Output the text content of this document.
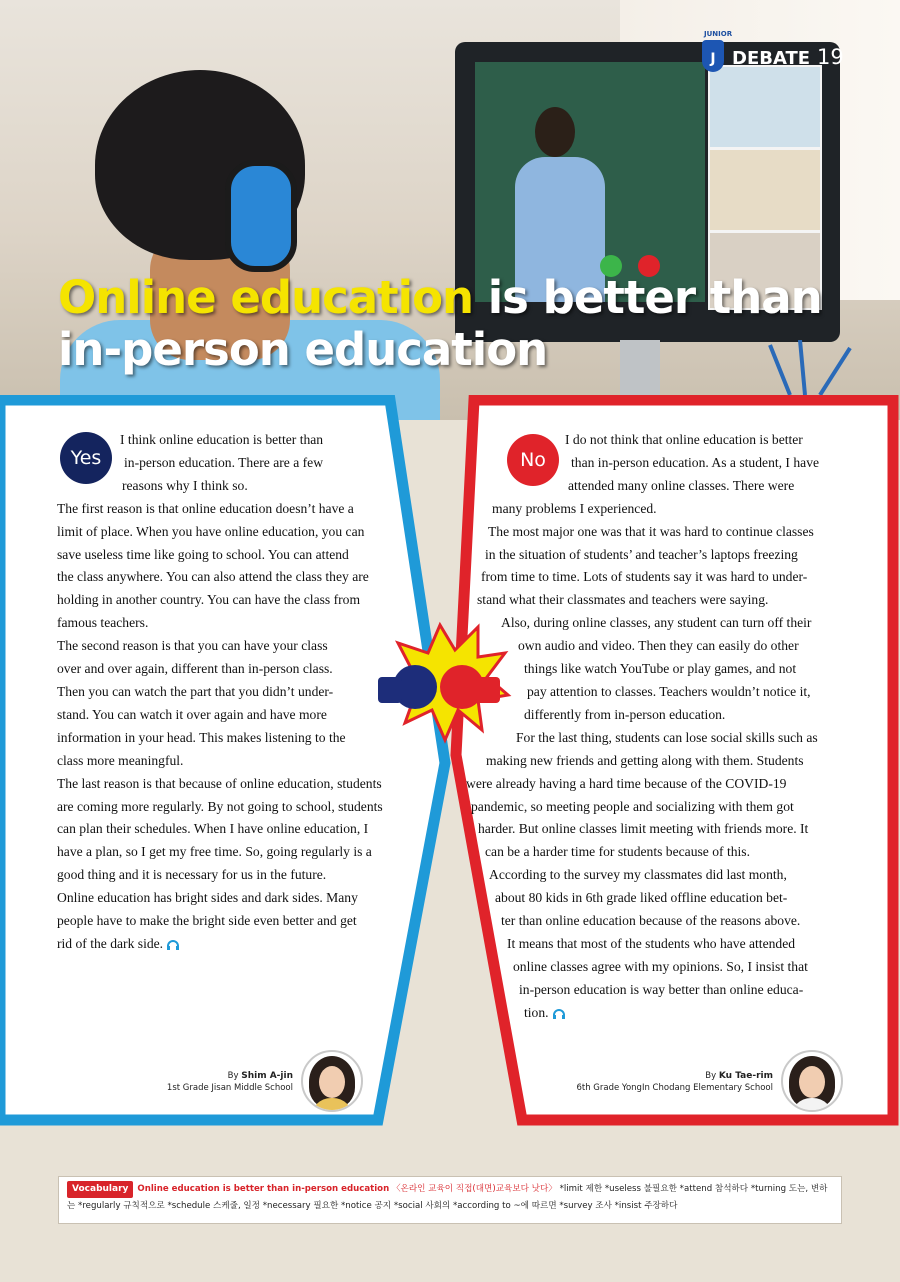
JUNIOR
J DEBATE 19
Online education is better than
in-person education
Yes

I think online education is better than

in-person education. There are a few

reasons why I think so.

The first reason is that online education doesn’t have a

limit of place. When you have online education, you can

save useless time like going to school. You can attend

the class anywhere. You can also attend the class they are

holding in another country. You can have the class from

famous teachers.

The second reason is that you can have your class

over and over again, different than in-person class.

Then you can watch the part that you didn’t under-

stand. You can watch it over again and have more

information in your head. This makes listening to the

class more meaningful.

The last reason is that because of online education, students

are coming more regularly. By not going to school, students

can plan their schedules. When I have online education, I

have a plan, so I get my free time. So, going regularly is a

good thing and it is necessary for us in the future.

Online education has bright sides and dark sides. Many

people have to make the bright side even better and get

rid of the dark side.

By Shim A-jin
1st Grade Jisan Middle School
No

I do not think that online education is better

than in-person education. As a student, I have

attended many online classes. There were

many problems I experienced.

The most major one was that it was hard to continue classes

in the situation of students’ and teacher’s laptops freezing

from time to time. Lots of students say it was hard to under-

stand what their classmates and teachers were saying.

Also, during online classes, any student can turn off their

own audio and video. Then they can easily do other

things like watch YouTube or play games, and not

pay attention to classes. Teachers wouldn’t notice it,

differently from in-person education.

For the last thing, students can lose social skills such as

making new friends and getting along with them. Students

were already having a hard time because of the COVID-19

pandemic, so meeting people and socializing with them got

harder. But online classes limit meeting with friends more. It

can be a harder time for students because of this.

According to the survey my classmates did last month,

about 80 kids in 6th grade liked offline education bet-

ter than online education because of the reasons above.

It means that most of the students who have attended

online classes agree with my opinions. So, I insist that

in-person education is way better than online educa-

tion.

By Ku Tae-rim
6th Grade YongIn Chodang Elementary School
Vocabulary Online education is better than in-person education 〈온라인 교육이 직접(대면)교육보다 낫다〉 *limit 제한 *useless 불필요한 *attend 참석하다 *turning 도는, 변하
는 *regularly 규칙적으로 *schedule 스케줄, 일정 *necessary 필요한 *notice 공지 *social 사회의 *according to ~에 따르면 *survey 조사 *insist 주장하다
